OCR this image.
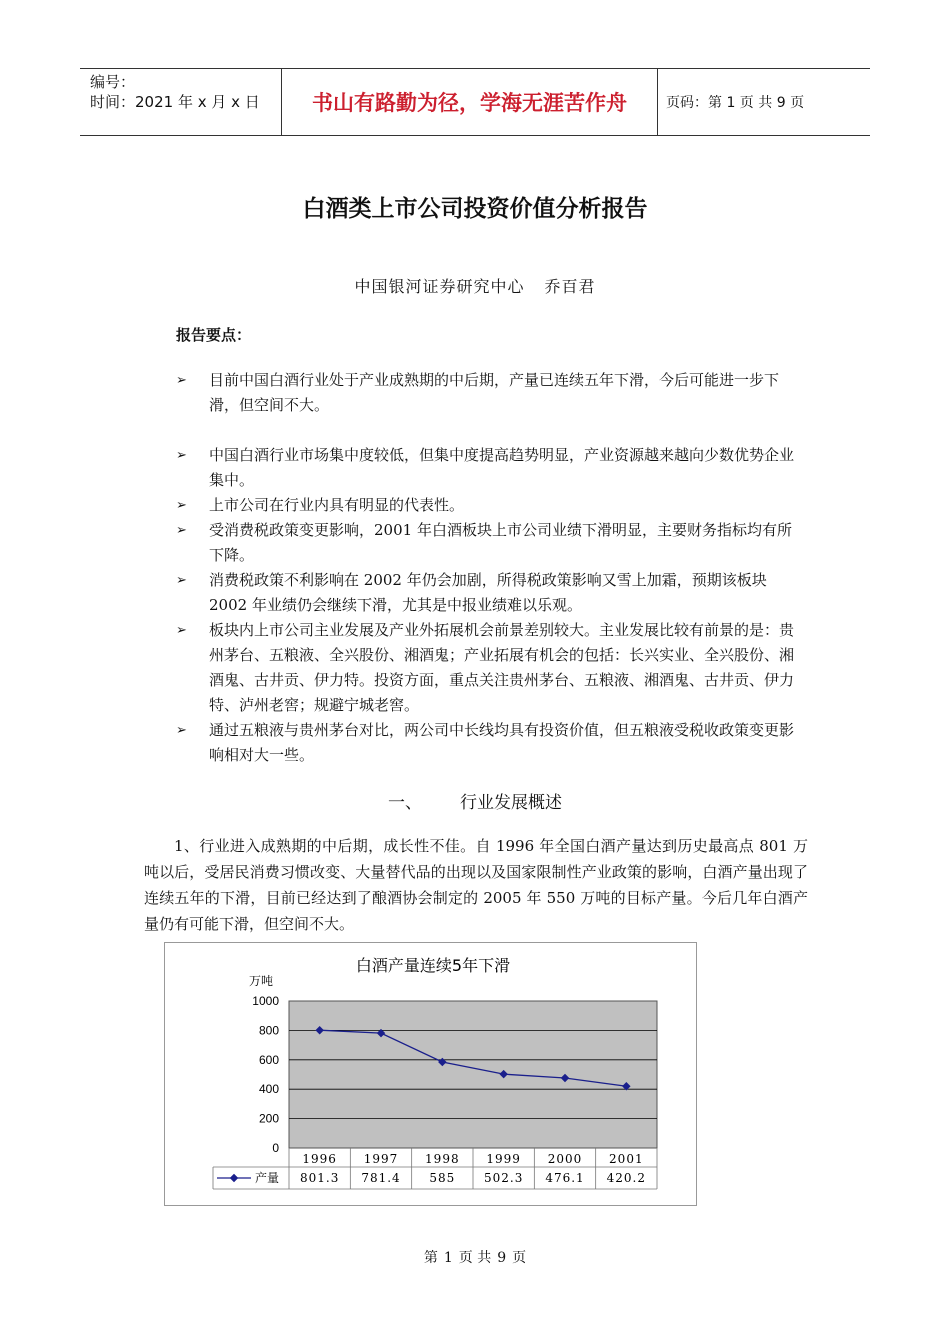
编号：
时间：2021 年 x 月 x 日	书山有路勤为径，学海无涯苦作舟	页码：第 1 页 共 9 页
白酒类上市公司投资价值分析报告
中国银河证券研究中心 乔百君
报告要点：
➢ 目前中国白酒行业处于产业成熟期的中后期，产量已连续五年下滑，今后可能进一步下滑，但空间不大。
➢ 中国白酒行业市场集中度较低，但集中度提高趋势明显，产业资源越来越向少数优势企业集中。
➢ 上市公司在行业内具有明显的代表性。
➢ 受消费税政策变更影响，2001 年白酒板块上市公司业绩下滑明显，主要财务指标均有所下降。
➢ 消费税政策不利影响在 2002 年仍会加剧，所得税政策影响又雪上加霜，预期该板块 2002 年业绩仍会继续下滑，尤其是中报业绩难以乐观。
➢ 板块内上市公司主业发展及产业外拓展机会前景差别较大。主业发展比较有前景的是：贵州茅台、五粮液、全兴股份、湘酒鬼；产业拓展有机会的包括：长兴实业、全兴股份、湘酒鬼、古井贡、伊力特。投资方面，重点关注贵州茅台、五粮液、湘酒鬼、古井贡、伊力特、泸州老窖；规避宁城老窖。
➢ 通过五粮液与贵州茅台对比，两公司中长线均具有投资价值，但五粮液受税收政策变更影响相对大一些。
一、 行业发展概述
1、行业进入成熟期的中后期，成长性不佳。自 1996 年全国白酒产量达到历史最高点 801 万吨以后，受居民消费习惯改变、大量替代品的出现以及国家限制性产业政策的影响，白酒产量出现了连续五年的下滑，目前已经达到了酿酒协会制定的 2005 年 550 万吨的目标产量。今后几年白酒产量仍有可能下滑，但空间不大。
白酒产量连续5年下滑
万吨
1000
800
600
400
200
0
1996 1997 1998 1999 2000 2001
801.3 781.4 585 502.3 476.1 420.2
产量
第 1 页 共 9 页
